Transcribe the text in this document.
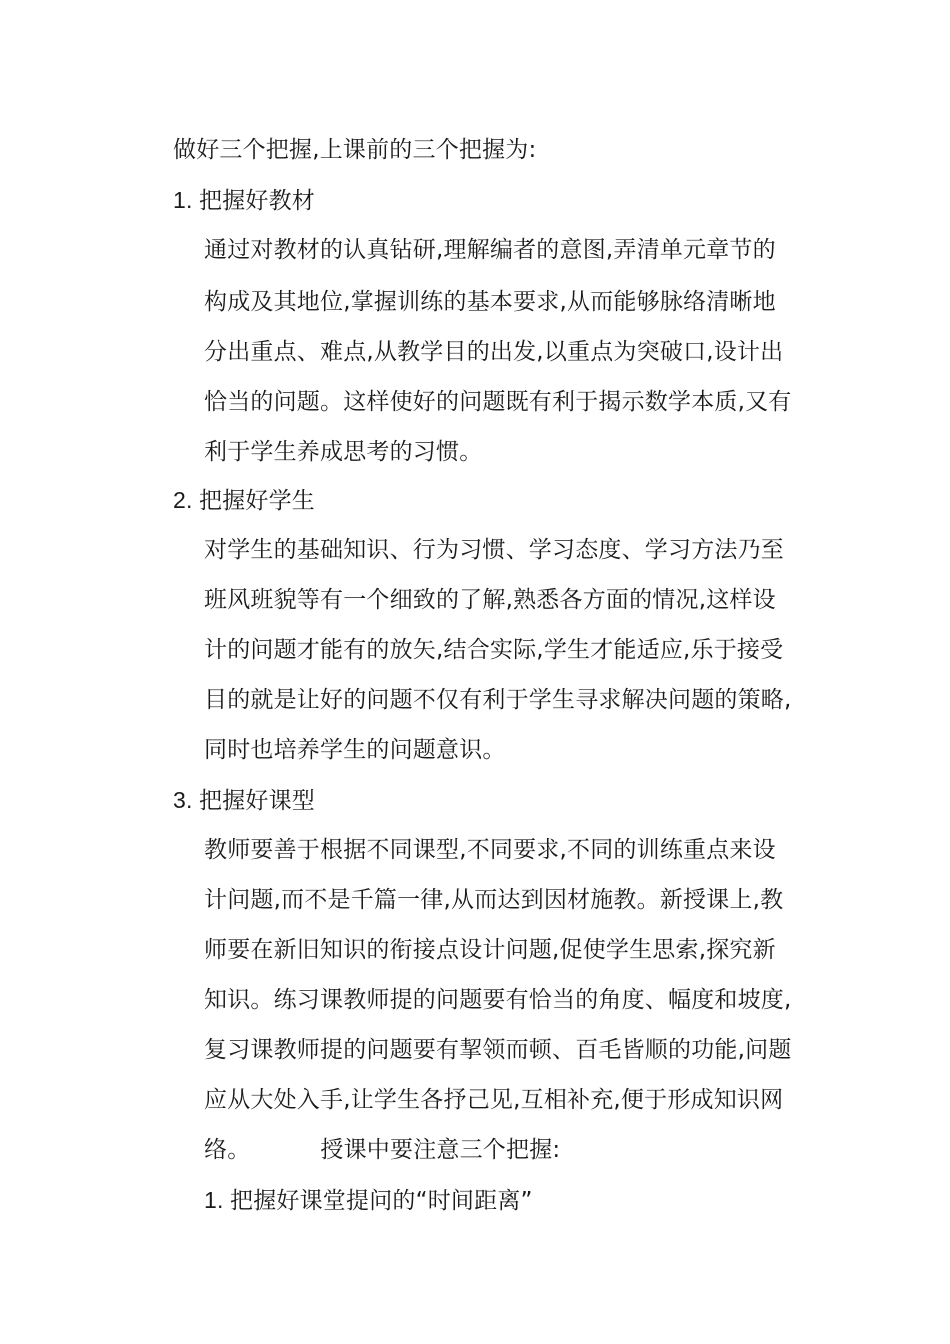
做好三个把握,上课前的三个把握为:
1. 把握好教材
通过对教材的认真钻研,理解编者的意图,弄清单元章节的
构成及其地位,掌握训练的基本要求,从而能够脉络清晰地
分出重点、难点,从教学目的出发,以重点为突破口,设计出
恰当的问题。这样使好的问题既有利于揭示数学本质,又有
利于学生养成思考的习惯。
2. 把握好学生
对学生的基础知识、行为习惯、学习态度、学习方法乃至
班风班貌等有一个细致的了解,熟悉各方面的情况,这样设
计的问题才能有的放矢,结合实际,学生才能适应,乐于接受
目的就是让好的问题不仅有利于学生寻求解决问题的策略,
同时也培养学生的问题意识。
3. 把握好课型
教师要善于根据不同课型,不同要求,不同的训练重点来设
计问题,而不是千篇一律,从而达到因材施教。新授课上,教
师要在新旧知识的衔接点设计问题,促使学生思索,探究新
知识。练习课教师提的问题要有恰当的角度、幅度和坡度,
复习课教师提的问题要有挈领而顿、百毛皆顺的功能,问题
应从大处入手,让学生各抒己见,互相补充,便于形成知识网
络。	授课中要注意三个把握:
1. 把握好课堂提问的“时间距离”
